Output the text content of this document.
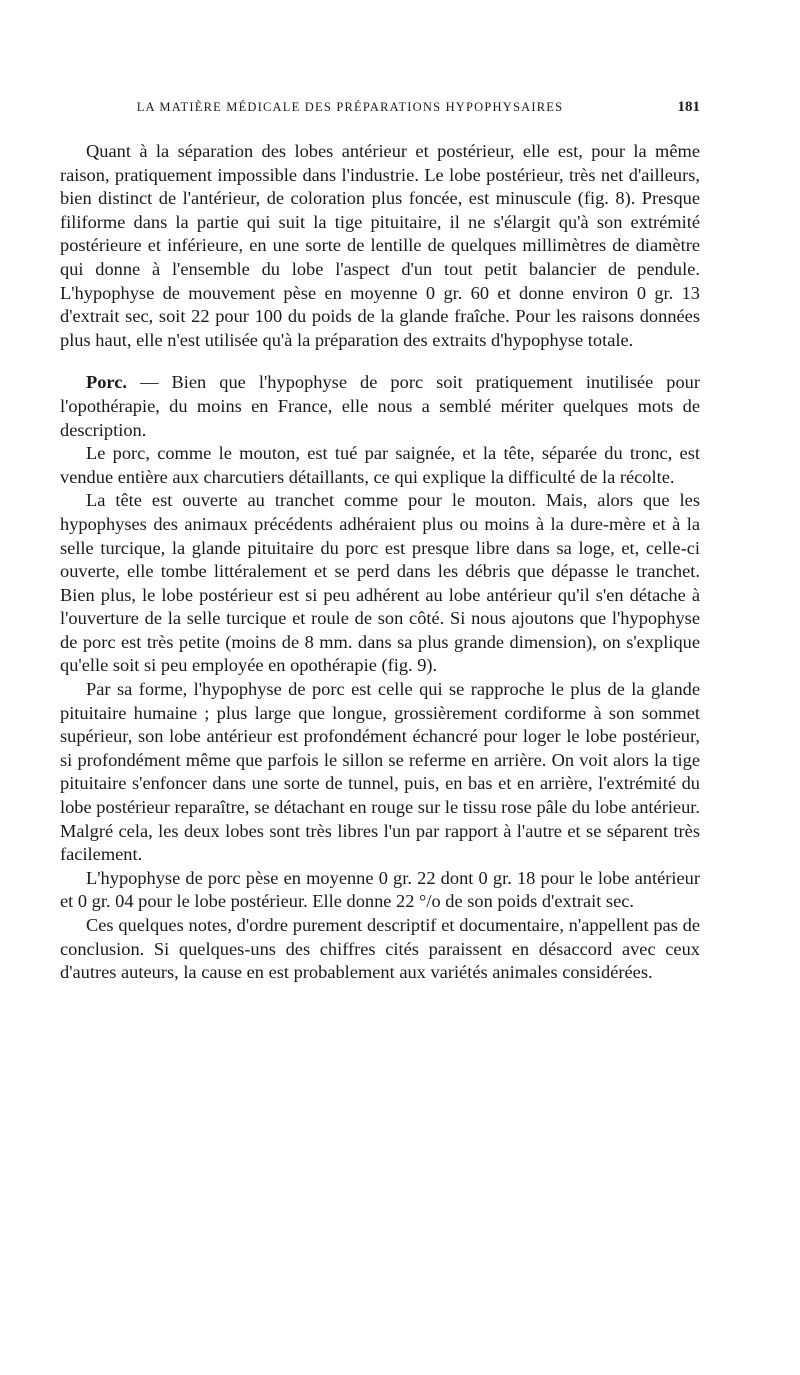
LA MATIÈRE MÉDICALE DES PRÉPARATIONS HYPOPHYSAIRES	181

Quant à la séparation des lobes antérieur et postérieur, elle est, pour la même raison, pratiquement impossible dans l'industrie. Le lobe postérieur, très net d'ailleurs, bien distinct de l'antérieur, de coloration plus foncée, est minuscule (fig. 8). Presque filiforme dans la partie qui suit la tige pituitaire, il ne s'élargit qu'à son extrémité postérieure et inférieure, en une sorte de lentille de quelques millimètres de diamètre qui donne à l'ensemble du lobe l'aspect d'un tout petit balancier de pendule. L'hypophyse de mouvement pèse en moyenne 0 gr. 60 et donne environ 0 gr. 13 d'extrait sec, soit 22 pour 100 du poids de la glande fraîche. Pour les raisons données plus haut, elle n'est utilisée qu'à la préparation des extraits d'hypophyse totale.

Porc. — Bien que l'hypophyse de porc soit pratiquement inutilisée pour l'opothérapie, du moins en France, elle nous a semblé mériter quelques mots de description.

Le porc, comme le mouton, est tué par saignée, et la tête, séparée du tronc, est vendue entière aux charcutiers détaillants, ce qui explique la difficulté de la récolte.

La tête est ouverte au tranchet comme pour le mouton. Mais, alors que les hypophyses des animaux précédents adhéraient plus ou moins à la dure-mère et à la selle turcique, la glande pituitaire du porc est presque libre dans sa loge, et, celle-ci ouverte, elle tombe littéralement et se perd dans les débris que dépasse le tranchet. Bien plus, le lobe postérieur est si peu adhérent au lobe antérieur qu'il s'en détache à l'ouverture de la selle turcique et roule de son côté. Si nous ajoutons que l'hypophyse de porc est très petite (moins de 8 mm. dans sa plus grande dimension), on s'explique qu'elle soit si peu employée en opothérapie (fig. 9).

Par sa forme, l'hypophyse de porc est celle qui se rapproche le plus de la glande pituitaire humaine ; plus large que longue, grossièrement cordiforme à son sommet supérieur, son lobe antérieur est profondément échancré pour loger le lobe postérieur, si profondément même que parfois le sillon se referme en arrière. On voit alors la tige pituitaire s'enfoncer dans une sorte de tunnel, puis, en bas et en arrière, l'extrémité du lobe postérieur reparaître, se détachant en rouge sur le tissu rose pâle du lobe antérieur. Malgré cela, les deux lobes sont très libres l'un par rapport à l'autre et se séparent très facilement.

L'hypophyse de porc pèse en moyenne 0 gr. 22 dont 0 gr. 18 pour le lobe antérieur et 0 gr. 04 pour le lobe postérieur. Elle donne 22 °/o de son poids d'extrait sec.

Ces quelques notes, d'ordre purement descriptif et documentaire, n'appellent pas de conclusion. Si quelques-uns des chiffres cités paraissent en désaccord avec ceux d'autres auteurs, la cause en est probablement aux variétés animales considérées.
